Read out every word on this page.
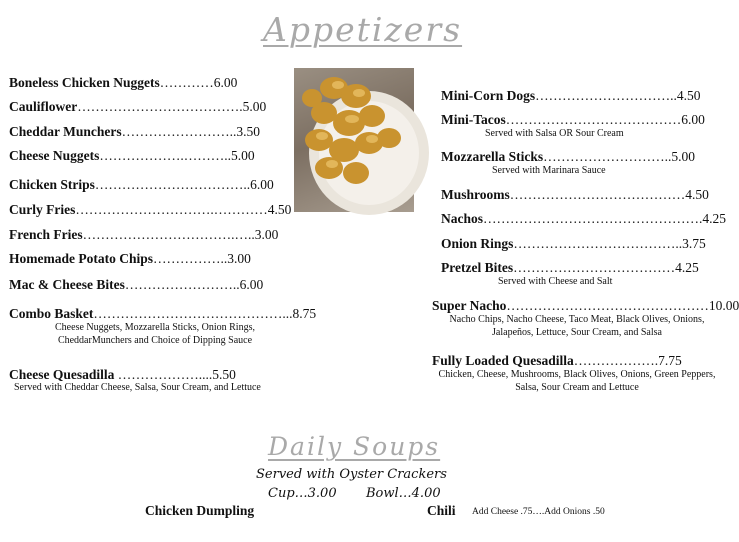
Appetizers
Boneless Chicken Nuggets…………6.00
Cauliflower……………………………….5.00
Cheddar Munchers……………………..3.50
Cheese Nuggets……………….………..5.00
Chicken Strips……………………………..6.00
Curly Fries………………………….…………4.50
French Fries…………………………….…..3.00
Homemade Potato Chips……………..3.00
Mac & Cheese Bites……………………..6.00
Combo Basket……………………………………...8.75
Cheese Nuggets, Mozzarella Sticks, Onion Rings, CheddarMunchers and Choice of Dipping Sauce
Cheese Quesadilla ………………....5.50
Served with Cheddar Cheese, Salsa, Sour Cream, and Lettuce
Mini-Corn Dogs…………………………..4.50
Mini-Tacos…………………………………6.00
Served with Salsa OR Sour Cream
Mozzarella Sticks………………………..5.00
Served with Marinara Sauce
Mushrooms…………………………………4.50
Nachos………………………………………….4.25
Onion Rings………………………………..3.75
Pretzel Bites………………………………4.25
Served with Cheese and Salt
Super Nacho………………………………………10.00
Nacho Chips, Nacho Cheese, Taco Meat, Black Olives, Onions, Jalapeños, Lettuce, Sour Cream, and Salsa
Fully Loaded Quesadilla……………….7.75
Chicken, Cheese, Mushrooms, Black Olives, Onions, Green Peppers, Salsa, Sour Cream and Lettuce
Daily Soups
Served with Oyster Crackers
Cup…3.00 Bowl…4.00
Chicken Dumpling	Chili Add Cheese .75….Add Onions .50
